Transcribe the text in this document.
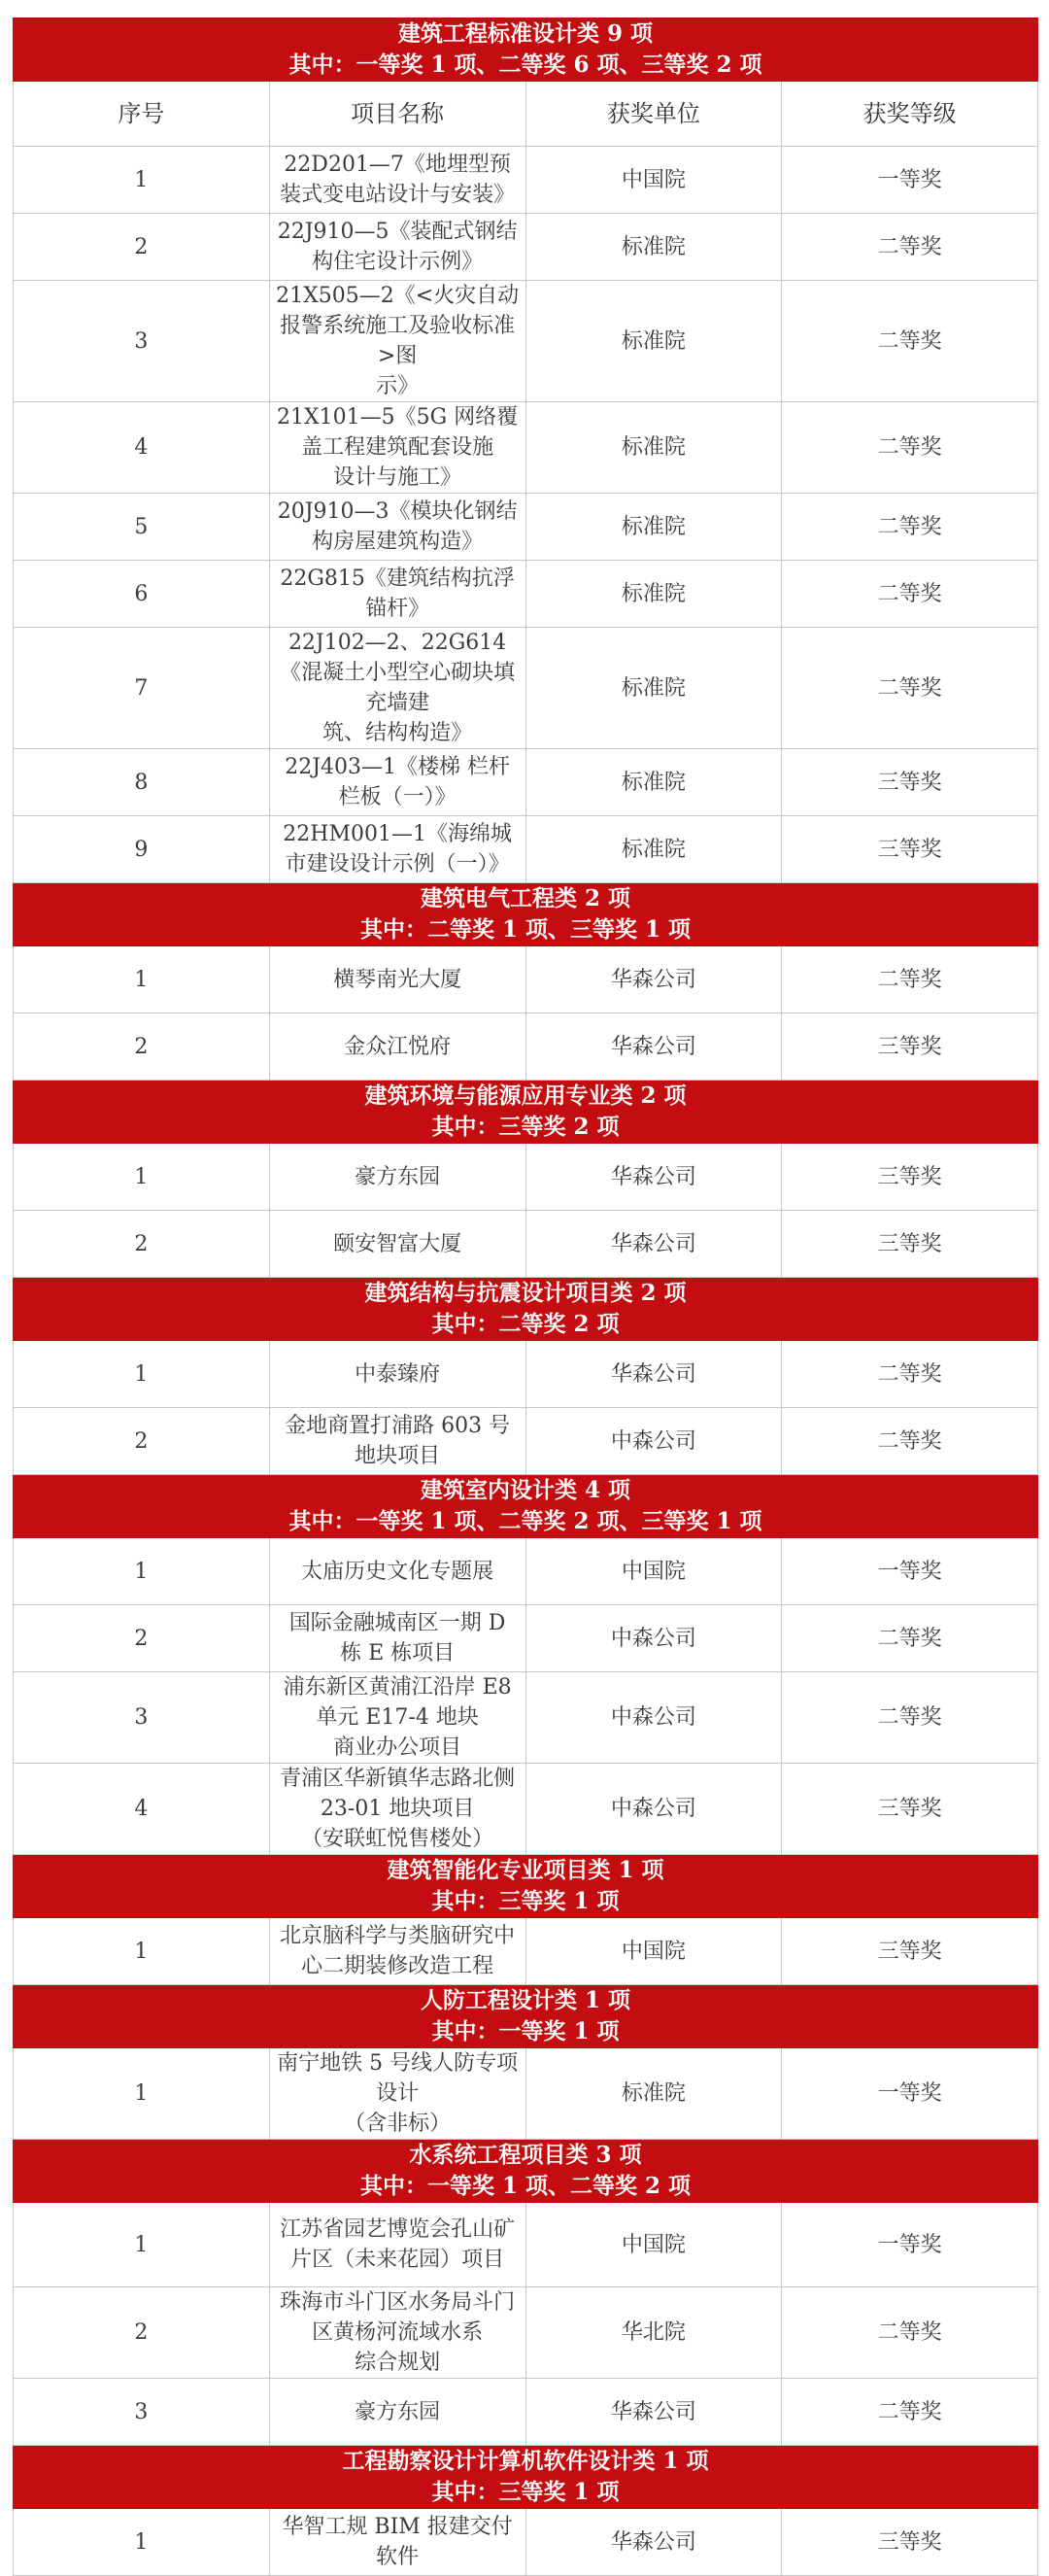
建筑工程标准设计类 9 项
其中：一等奖 1 项、二等奖 6 项、三等奖 2 项			

序号	项目名称	获奖单位	获奖等级
1	22D201—7《地埋型预装式变电站设计与安装》	中国院	一等奖
2	22J910—5《装配式钢结构住宅设计示例》	标准院	二等奖
3	21X505—2《<火灾自动报警系统施工及验收标准>图
示》	标准院	二等奖
4	21X101—5《5G 网络覆盖工程建筑配套设施
设计与施工》	标准院	二等奖
5	20J910—3《模块化钢结构房屋建筑构造》	标准院	二等奖
6	22G815《建筑结构抗浮锚杆》	标准院	二等奖
7	22J102—2、22G614《混凝土小型空心砌块填充墙建
筑、结构构造》	标准院	二等奖
8	22J403—1《楼梯 栏杆 栏板（一）》	标准院	三等奖
9	22HM001—1《海绵城市建设设计示例（一）》	标准院	三等奖

建筑电气工程类 2 项
其中：二等奖 1 项、三等奖 1 项			

1	横琴南光大厦	华森公司	二等奖
2	金众江悦府	华森公司	三等奖

建筑环境与能源应用专业类 2 项
其中：三等奖 2 项			

1	豪方东园	华森公司	三等奖
2	颐安智富大厦	华森公司	三等奖

建筑结构与抗震设计项目类 2 项
其中：二等奖 2 项			

1	中泰臻府	华森公司	二等奖
2	金地商置打浦路 603 号地块项目	中森公司	二等奖

建筑室内设计类 4 项
其中：一等奖 1 项、二等奖 2 项、三等奖 1 项			

1	太庙历史文化专题展	中国院	一等奖
2	国际金融城南区一期 D 栋 E 栋项目	中森公司	二等奖
3	浦东新区黄浦江沿岸 E8 单元 E17-4 地块
商业办公项目	中森公司	二等奖
4	青浦区华新镇华志路北侧 23-01 地块项目
（安联虹悦售楼处）	中森公司	三等奖

建筑智能化专业项目类 1 项
其中：三等奖 1 项			

1	北京脑科学与类脑研究中心二期装修改造工程	中国院	三等奖

人防工程设计类 1 项
其中：一等奖 1 项			

1	南宁地铁 5 号线人防专项设计
（含非标）	标准院	一等奖

水系统工程项目类 3 项
其中：一等奖 1 项、二等奖 2 项			

1	江苏省园艺博览会孔山矿片区（未来花园）项目	中国院	一等奖
2	珠海市斗门区水务局斗门区黄杨河流域水系
综合规划	华北院	二等奖
3	豪方东园	华森公司	二等奖

工程勘察设计计算机软件设计类 1 项
其中：三等奖 1 项			

1	华智工规 BIM 报建交付软件	华森公司	三等奖
